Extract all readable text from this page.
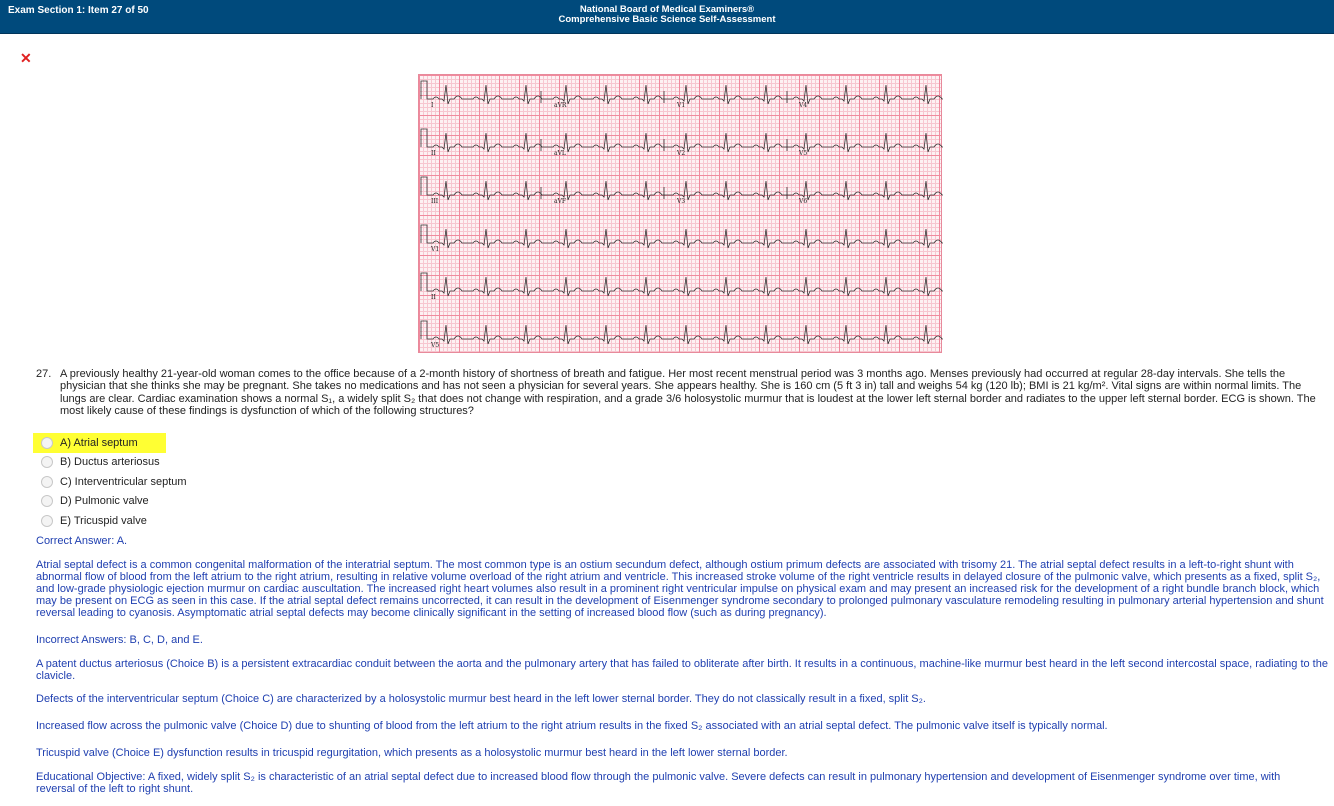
Exam Section 1: Item 27 of 50	National Board of Medical Examiners®
Comprehensive Basic Science Self-Assessment
✕
I	aVR	V1	V4
II	aVL	V2	V5
III	aVF	V3	V6
V1
II
V5
27. A previously healthy 21-year-old woman comes to the office because of a 2-month history of shortness of breath and fatigue. Her most recent menstrual period was 3 months ago. Menses previously had occurred at regular 28-day intervals. She tells the physician that she thinks she may be pregnant. She takes no medications and has not seen a physician for several years. She appears healthy. She is 160 cm (5 ft 3 in) tall and weighs 54 kg (120 lb); BMI is 21 kg/m². Vital signs are within normal limits. The lungs are clear. Cardiac examination shows a normal S₁, a widely split S₂ that does not change with respiration, and a grade 3/6 holosystolic murmur that is loudest at the lower left sternal border and radiates to the upper left sternal border. ECG is shown. The most likely cause of these findings is dysfunction of which of the following structures?
A) Atrial septum
B) Ductus arteriosus
C) Interventricular septum
D) Pulmonic valve
E) Tricuspid valve
Correct Answer: A.
Atrial septal defect is a common congenital malformation of the interatrial septum. The most common type is an ostium secundum defect, although ostium primum defects are associated with trisomy 21. The atrial septal defect results in a left-to-right shunt with abnormal flow of blood from the left atrium to the right atrium, resulting in relative volume overload of the right atrium and ventricle. This increased stroke volume of the right ventricle results in delayed closure of the pulmonic valve, which presents as a fixed, split S₂, and low-grade physiologic ejection murmur on cardiac auscultation. The increased right heart volumes also result in a prominent right ventricular impulse on physical exam and may present an increased risk for the development of a right bundle branch block, which may be present on ECG as seen in this case. If the atrial septal defect remains uncorrected, it can result in the development of Eisenmenger syndrome secondary to prolonged pulmonary vasculature remodeling resulting in pulmonary arterial hypertension and shunt reversal leading to cyanosis. Asymptomatic atrial septal defects may become clinically significant in the setting of increased blood flow (such as during pregnancy).
Incorrect Answers: B, C, D, and E.
A patent ductus arteriosus (Choice B) is a persistent extracardiac conduit between the aorta and the pulmonary artery that has failed to obliterate after birth. It results in a continuous, machine-like murmur best heard in the left second intercostal space, radiating to the clavicle.
Defects of the interventricular septum (Choice C) are characterized by a holosystolic murmur best heard in the left lower sternal border. They do not classically result in a fixed, split S₂.
Increased flow across the pulmonic valve (Choice D) due to shunting of blood from the left atrium to the right atrium results in the fixed S₂ associated with an atrial septal defect. The pulmonic valve itself is typically normal.
Tricuspid valve (Choice E) dysfunction results in tricuspid regurgitation, which presents as a holosystolic murmur best heard in the left lower sternal border.
Educational Objective: A fixed, widely split S₂ is characteristic of an atrial septal defect due to increased blood flow through the pulmonic valve. Severe defects can result in pulmonary hypertension and development of Eisenmenger syndrome over time, with reversal of the left to right shunt.
